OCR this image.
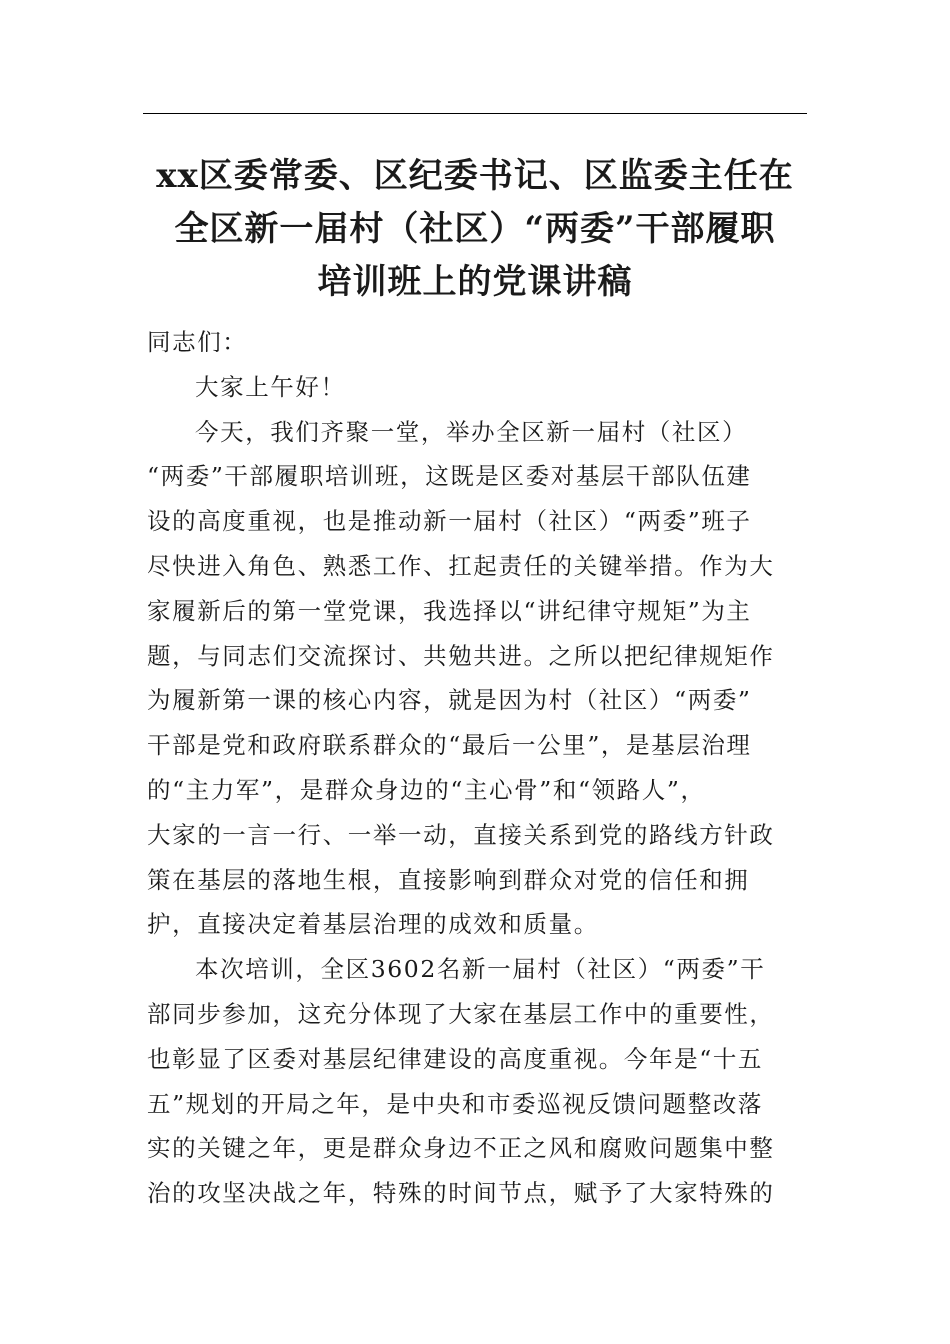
xx区委常委、区纪委书记、区监委主任在
全区新一届村（社区）“两委”干部履职
培训班上的党课讲稿
同志们：
大家上午好！
今天，我们齐聚一堂，举办全区新一届村（社区）
“两委”干部履职培训班，这既是区委对基层干部队伍建
设的高度重视，也是推动新一届村（社区）“两委”班子
尽快进入角色、熟悉工作、扛起责任的关键举措。作为大
家履新后的第一堂党课，我选择以“讲纪律守规矩”为主
题，与同志们交流探讨、共勉共进。之所以把纪律规矩作
为履新第一课的核心内容，就是因为村（社区）“两委”
干部是党和政府联系群众的“最后一公里”，是基层治理
的“主力军”，是群众身边的“主心骨”和“领路人”，
大家的一言一行、一举一动，直接关系到党的路线方针政
策在基层的落地生根，直接影响到群众对党的信任和拥
护，直接决定着基层治理的成效和质量。
本次培训，全区3602名新一届村（社区）“两委”干
部同步参加，这充分体现了大家在基层工作中的重要性，
也彰显了区委对基层纪律建设的高度重视。今年是“十五
五”规划的开局之年，是中央和市委巡视反馈问题整改落
实的关键之年，更是群众身边不正之风和腐败问题集中整
治的攻坚决战之年，特殊的时间节点，赋予了大家特殊的
